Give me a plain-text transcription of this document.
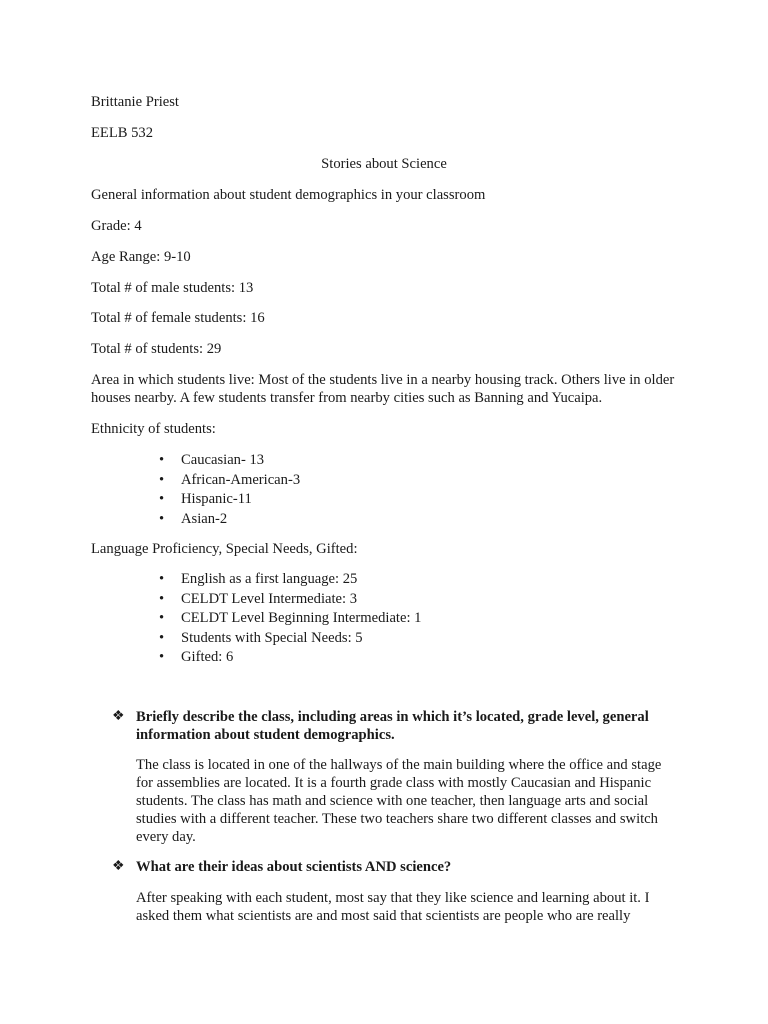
Brittanie Priest
EELB 532
Stories about Science
General information about student demographics in your classroom
Grade: 4
Age Range: 9-10
Total # of male students: 13
Total # of female students: 16
Total # of students: 29
Area in which students live: Most of the students live in a nearby housing track. Others live in older houses nearby. A few students transfer from nearby cities such as Banning and Yucaipa.
Ethnicity of students:
• Caucasian- 13
• African-American-3
• Hispanic-11
• Asian-2
Language Proficiency, Special Needs, Gifted:
• English as a first language: 25
• CELDT Level Intermediate: 3
• CELDT Level Beginning Intermediate: 1
• Students with Special Needs: 5
• Gifted: 6
❖ Briefly describe the class, including areas in which it’s located, grade level, general information about student demographics.
The class is located in one of the hallways of the main building where the office and stage for assemblies are located. It is a fourth grade class with mostly Caucasian and Hispanic students. The class has math and science with one teacher, then language arts and social studies with a different teacher. These two teachers share two different classes and switch every day.
❖ What are their ideas about scientists AND science?
After speaking with each student, most say that they like science and learning about it. I asked them what scientists are and most said that scientists are people who are really
